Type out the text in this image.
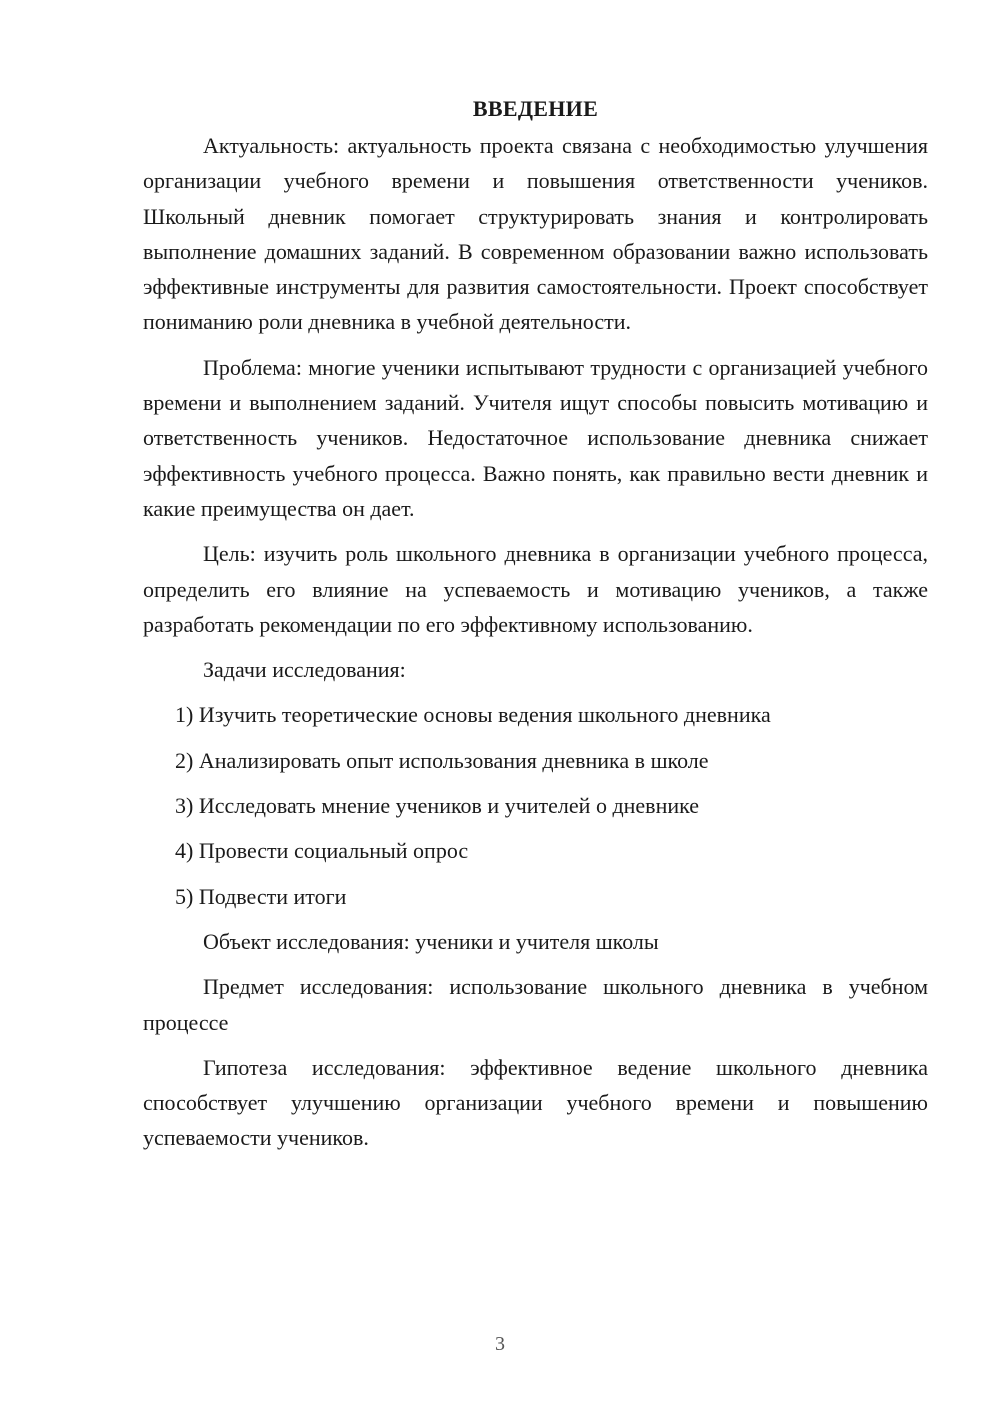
ВВЕДЕНИЕ

Актуальность: актуальность проекта связана с необходимостью улучшения организации учебного времени и повышения ответственности учеников. Школьный дневник помогает структурировать знания и контролировать выполнение домашних заданий. В современном образовании важно использовать эффективные инструменты для развития самостоятельности. Проект способствует пониманию роли дневника в учебной деятельности.

Проблема: многие ученики испытывают трудности с организацией учебного времени и выполнением заданий. Учителя ищут способы повысить мотивацию и ответственность учеников. Недостаточное использование дневника снижает эффективность учебного процесса. Важно понять, как правильно вести дневник и какие преимущества он дает.

Цель: изучить роль школьного дневника в организации учебного процесса, определить его влияние на успеваемость и мотивацию учеников, а также разработать рекомендации по его эффективному использованию.

Задачи исследования:

1) Изучить теоретические основы ведения школьного дневника
2) Анализировать опыт использования дневника в школе
3) Исследовать мнение учеников и учителей о дневнике
4) Провести социальный опрос
5) Подвести итоги

Объект исследования: ученики и учителя школы

Предмет исследования: использование школьного дневника в учебном процессе

Гипотеза исследования: эффективное ведение школьного дневника способствует улучшению организации учебного времени и повышению успеваемости учеников.

3
